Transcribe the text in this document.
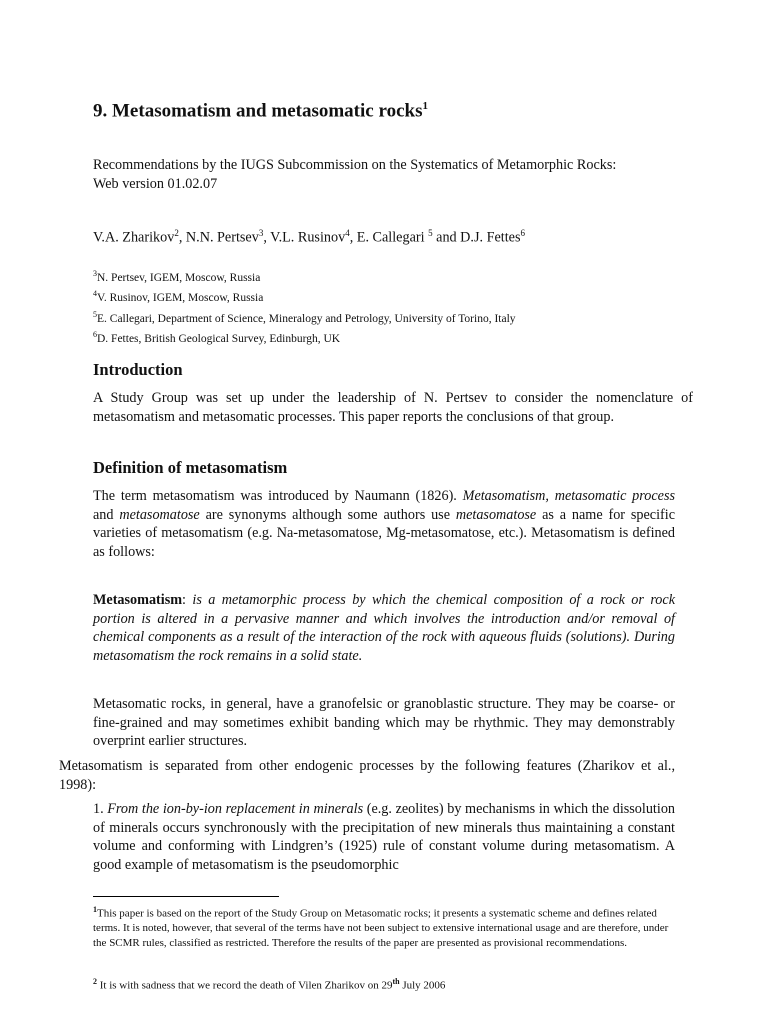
9. Metasomatism and metasomatic rocks$^1$
Recommendations by the IUGS Subcommission on the Systematics of Metamorphic Rocks:
Web version 01.02.07
V.A. Zharikov$^2$, N.N. Pertsev$^3$, V.L. Rusinov$^4$, E. Callegari $^5$ and D.J. Fettes$^6$
$^3$N. Pertsev, IGEM, Moscow, Russia
$^4$V. Rusinov, IGEM, Moscow, Russia
$^5$E. Callegari, Department of Science, Mineralogy and Petrology, University of Torino, Italy
$^6$D. Fettes, British Geological Survey, Edinburgh, UK
Introduction
A Study Group was set up under the leadership of N. Pertsev to consider the nomenclature of metasomatism and metasomatic processes. This paper reports the conclusions of that group.
Definition of metasomatism
The term metasomatism was introduced by Naumann (1826). Metasomatism, metasomatic process and metasomatose are synonyms although some authors use metasomatose as a name for specific varieties of metasomatism (e.g. Na-metasomatose, Mg-metasomatose, etc.). Metasomatism is defined as follows:
Metasomatism: is a metamorphic process by which the chemical composition of a rock or rock portion is altered in a pervasive manner and which involves the introduction and/or removal of chemical components as a result of the interaction of the rock with aqueous fluids (solutions). During metasomatism the rock remains in a solid state.
Metasomatic rocks, in general, have a granofelsic or granoblastic structure. They may be coarse- or fine-grained and may sometimes exhibit banding which may be rhythmic. They may demonstrably overprint earlier structures.
Metasomatism is separated from other endogenic processes by the following features (Zharikov et al., 1998):
1. From the ion-by-ion replacement in minerals (e.g. zeolites) by mechanisms in which the dissolution of minerals occurs synchronously with the precipitation of new minerals thus maintaining a constant volume and conforming with Lindgren’s (1925) rule of constant volume during metasomatism. A good example of metasomatism is the pseudomorphic
$^1$This paper is based on the report of the Study Group on Metasomatic rocks; it presents a systematic scheme and defines related terms. It is noted, however, that several of the terms have not been subject to extensive international usage and are therefore, under the SCMR rules, classified as restricted. Therefore the results of the paper are presented as provisional recommendations.
$^2$ It is with sadness that we record the death of Vilen Zharikov on 29th July 2006
